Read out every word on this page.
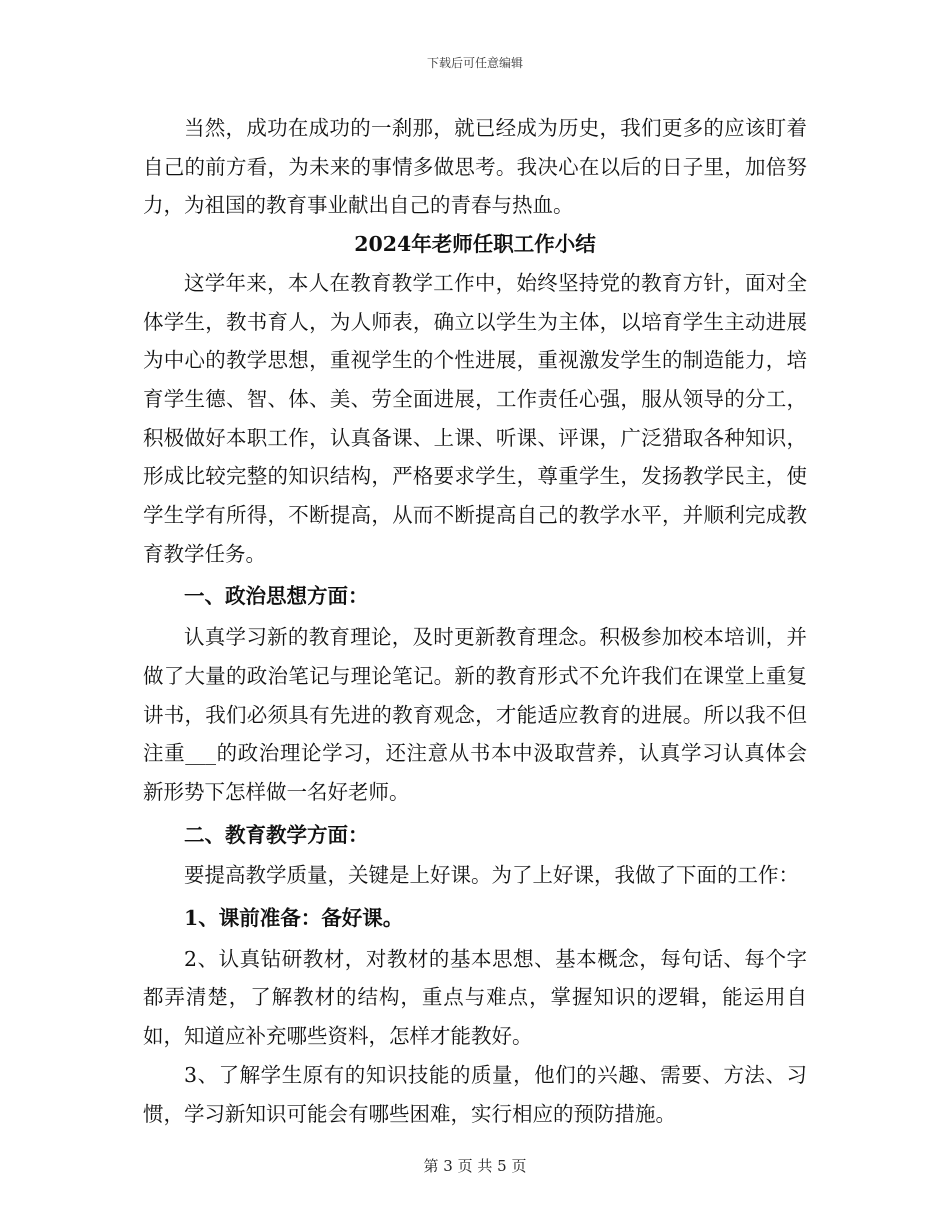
下载后可任意编辑

当然，成功在成功的一刹那，就已经成为历史，我们更多的应该盯着自己的前方看，为未来的事情多做思考。我决心在以后的日子里，加倍努力，为祖国的教育事业献出自己的青春与热血。

2024年老师任职工作小结

这学年来，本人在教育教学工作中，始终坚持党的教育方针，面对全体学生，教书育人，为人师表，确立以学生为主体，以培育学生主动进展为中心的教学思想，重视学生的个性进展，重视激发学生的制造能力，培育学生德、智、体、美、劳全面进展，工作责任心强，服从领导的分工，积极做好本职工作，认真备课、上课、听课、评课，广泛猎取各种知识，形成比较完整的知识结构，严格要求学生，尊重学生，发扬教学民主，使学生学有所得，不断提高，从而不断提高自己的教学水平，并顺利完成教育教学任务。

一、政治思想方面：

认真学习新的教育理论，及时更新教育理念。积极参加校本培训，并做了大量的政治笔记与理论笔记。新的教育形式不允许我们在课堂上重复讲书，我们必须具有先进的教育观念，才能适应教育的进展。所以我不但注重___的政治理论学习，还注意从书本中汲取营养，认真学习认真体会新形势下怎样做一名好老师。

二、教育教学方面：

要提高教学质量，关键是上好课。为了上好课，我做了下面的工作：

1、课前准备：备好课。

2、认真钻研教材，对教材的基本思想、基本概念，每句话、每个字都弄清楚，了解教材的结构，重点与难点，掌握知识的逻辑，能运用自如，知道应补充哪些资料，怎样才能教好。

3、了解学生原有的知识技能的质量，他们的兴趣、需要、方法、习惯，学习新知识可能会有哪些困难，实行相应的预防措施。

第 3 页 共 5 页
